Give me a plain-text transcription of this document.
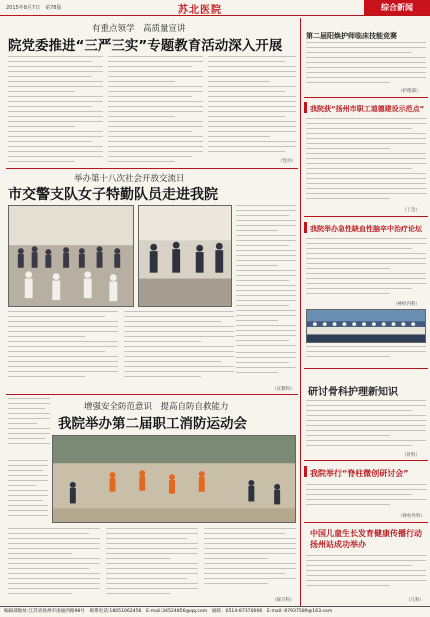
2015年8月7日　第78版	苏北医院	综合新闻
有重点领学　高质量宣讲
院党委推进“三严三实”专题教育活动深入开展
（党办）
举办第十八次社会开放交流日
市交警支队女子特勤队员走进我院
（宣教科）
增强安全防范意识　提高自防自救能力
我院举办第二届职工消防运动会
（保卫科）
第二届阳焕护师临床技能竞赛
（护理部）
我院获“扬州市职工道德建设示范点”
（工会）
我院举办急性缺血性脑卒中治疗论坛
（神经内科）
研讨骨科护理新知识
（骨科）
我院举行“脊柱微创研讨会”
（脊柱外科）
中国儿童生长发育健康传播行动扬州站成功举办
（儿科）
编辑部地址:江苏省扬州市南通西路98号　联系电话:18051062456　E-mail:34524856@qq.com　通联：0514-87370006　E-mail: 87937589@163.com
